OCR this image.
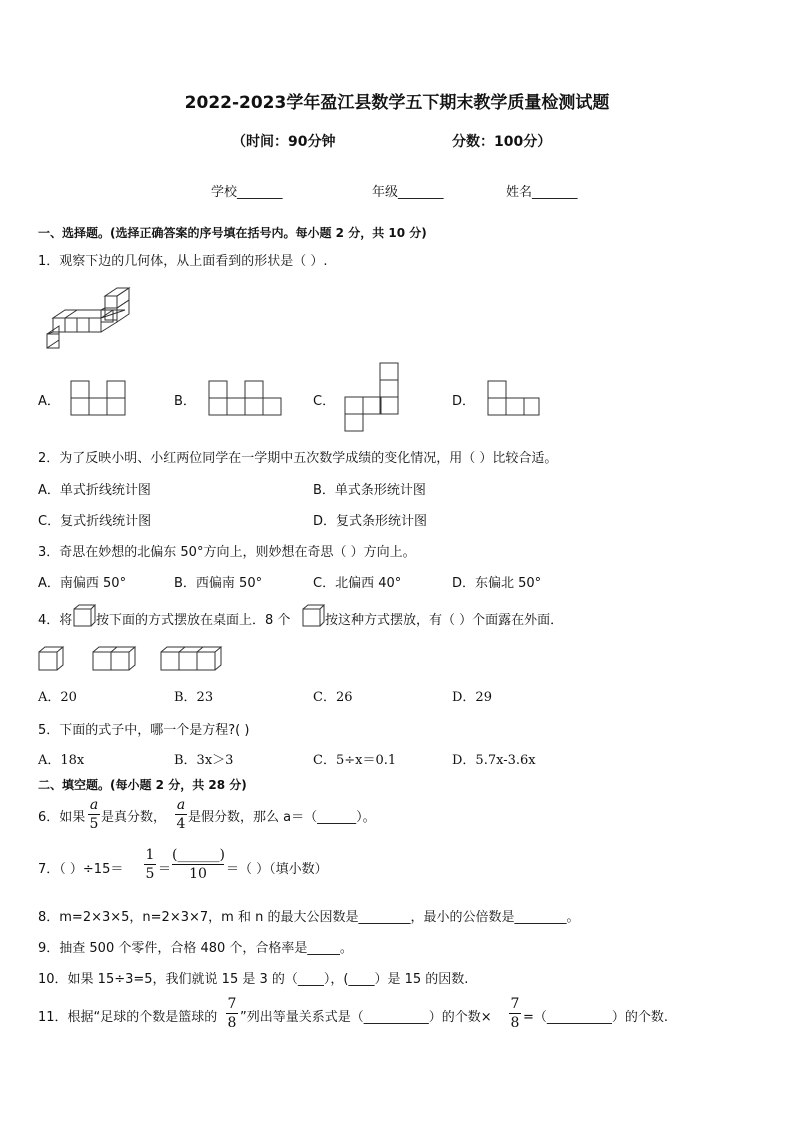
2022-2023学年盈江县数学五下期末教学质量检测试题
（时间：90分钟	分数：100分）
学校_______	年级_______	姓名_______
一、选择题。(选择正确答案的序号填在括号内。每小题 2 分，共 10 分)
1．观察下边的几何体，从上面看到的形状是（ ）.
A．	B．	C．	D．
2．为了反映小明、小红两位同学在一学期中五次数学成绩的变化情况，用（ ）比较合适。
A．单式折线统计图	B．单式条形统计图
C．复式折线统计图	D．复式条形统计图
3．奇思在妙想的北偏东 50°方向上，则妙想在奇思（ ）方向上。
A．南偏西 50°	B．西偏南 50°	C．北偏西 40°	D．东偏北 50°
4．将 按下面的方式摆放在桌面上．8 个	按这种方式摆放，有（ ）个面露在外面．
A．20	B．23	C．26	D．29
5．下面的式子中，哪一个是方程?( )
A．18x	B．3x＞3	C．5÷x＝0.1	D．5.7x-3.6x
二、填空题。(每小题 2 分，共 28 分)
6．如果
a
5 是真分数，
a
4 是假分数，那么 a＝（______）。
7．（ ）÷15＝
1
5 ＝
(______)
10	＝（ ）（填小数）
8．m=2×3×5，n=2×3×7，m 和 n 的最大公因数是________，最小的公倍数是________。
9．抽查 500 个零件，合格 480 个，合格率是_____。
10．如果 15÷3=5，我们就说 15 是 3 的（____），(____）是 15 的因数.
11．根据“足球的个数是篮球的
7
8 ”列出等量关系式是（__________）的个数×
7
8 =（__________）的个数.
